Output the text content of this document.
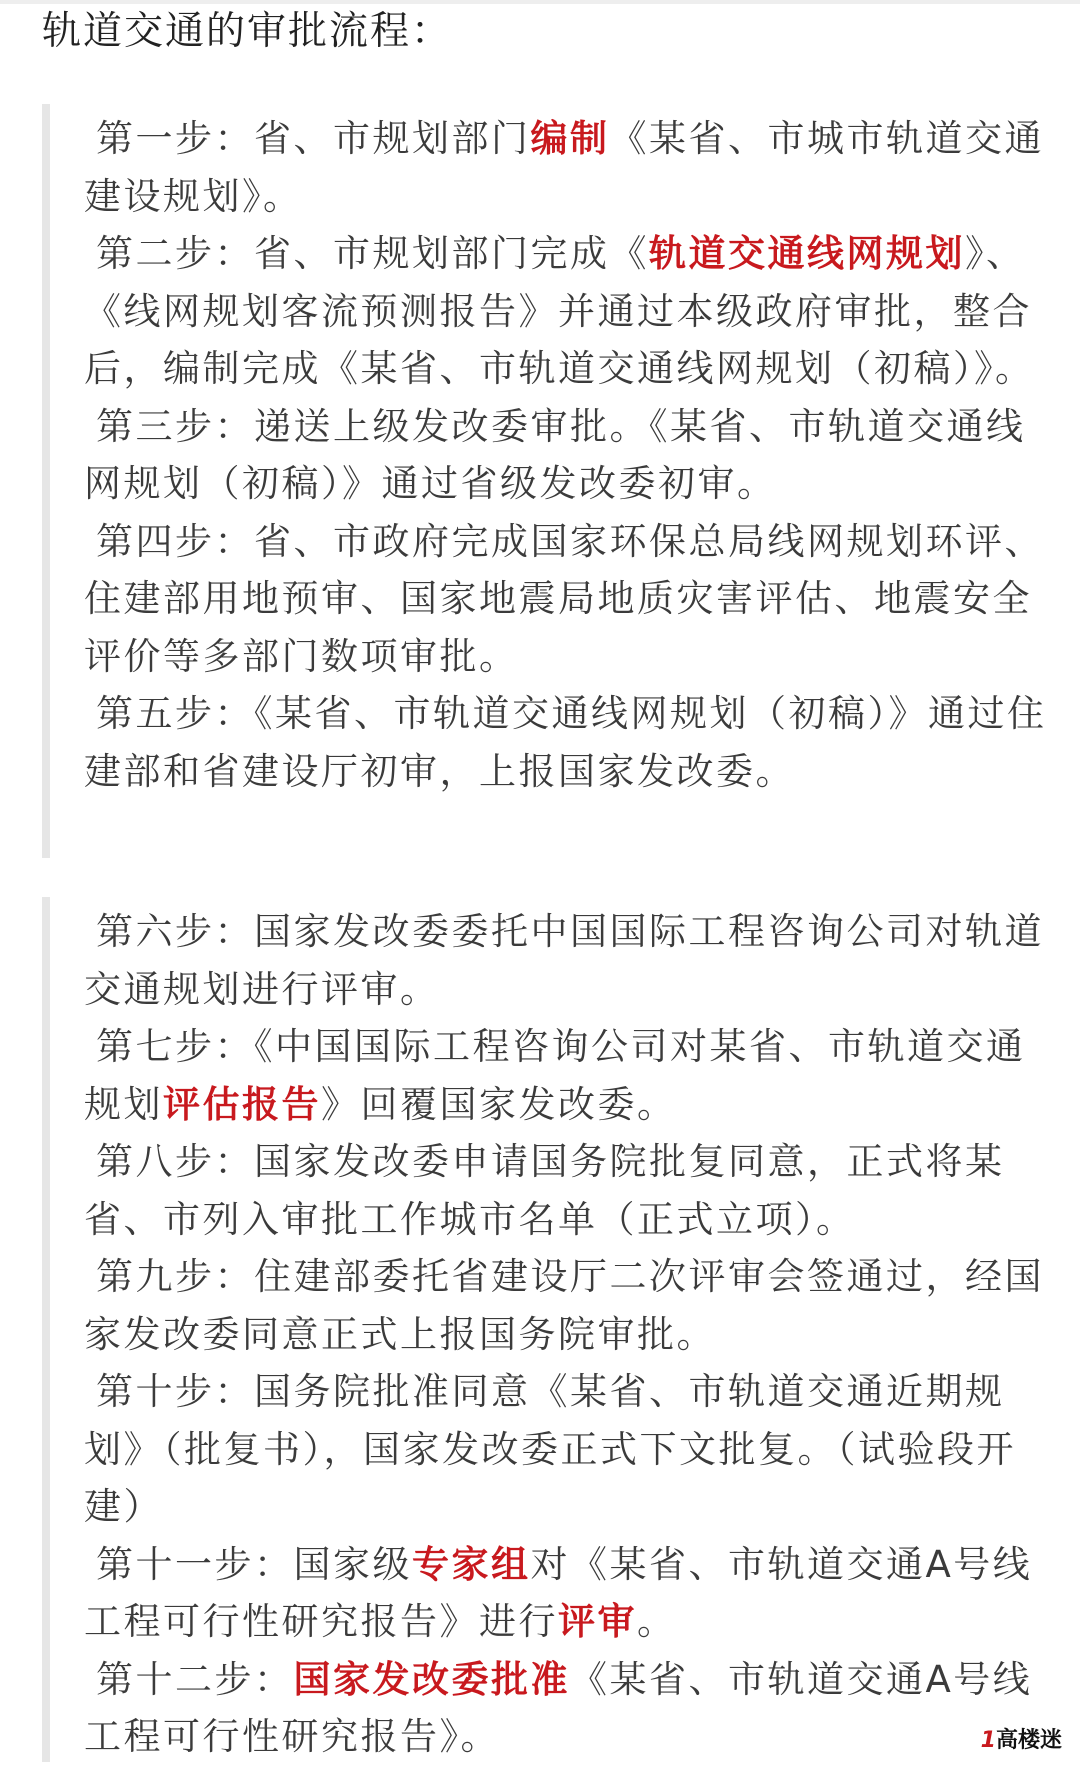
轨道交通的审批流程：

第一步：省、市规划部门编制《某省、市城市轨道交通建设规划》。

第二步：省、市规划部门完成《轨道交通线网规划》、《线网规划客流预测报告》并通过本级政府审批，整合后，编制完成《某省、市轨道交通线网规划（初稿）》。

第三步：递送上级发改委审批。《某省、市轨道交通线网规划（初稿）》通过省级发改委初审。

第四步：省、市政府完成国家环保总局线网规划环评、住建部用地预审、国家地震局地质灾害评估、地震安全评价等多部门数项审批。

第五步：《某省、市轨道交通线网规划（初稿）》通过住建部和省建设厅初审，上报国家发改委。

第六步：国家发改委委托中国国际工程咨询公司对轨道交通规划进行评审。

第七步：《中国国际工程咨询公司对某省、市轨道交通规划评估报告》回覆国家发改委。

第八步：国家发改委申请国务院批复同意，正式将某省、市列入审批工作城市名单（正式立项）。

第九步：住建部委托省建设厅二次评审会签通过，经国家发改委同意正式上报国务院审批。

第十步：国务院批准同意《某省、市轨道交通近期规划》（批复书），国家发改委正式下文批复。（试验段开建）

第十一步：国家级专家组对《某省、市轨道交通A号线工程可行性研究报告》进行评审。

第十二步：国家发改委批准《某省、市轨道交通A号线工程可行性研究报告》。	1高楼迷
